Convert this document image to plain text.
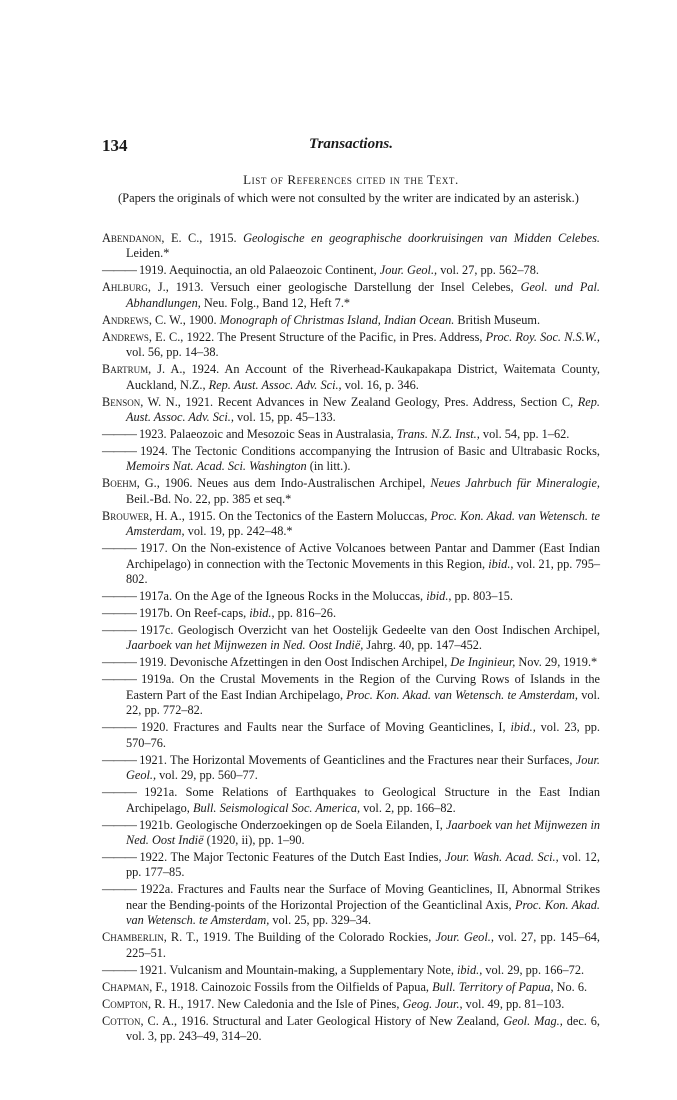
134	Transactions.
List of References cited in the Text.
(Papers the originals of which were not consulted by the writer are indicated by an asterisk.)

Abendanon, E. C., 1915. Geologische en geographische doorkruisingen van Midden Celebes. Leiden.*

——— 1919. Aequinoctia, an old Palaeozoic Continent, Jour. Geol., vol. 27, pp. 562–78.

Ahlburg, J., 1913. Versuch einer geologische Darstellung der Insel Celebes, Geol. und Pal. Abhandlungen, Neu. Folg., Band 12, Heft 7.*

Andrews, C. W., 1900. Monograph of Christmas Island, Indian Ocean. British Museum.

Andrews, E. C., 1922. The Present Structure of the Pacific, in Pres. Address, Proc. Roy. Soc. N.S.W., vol. 56, pp. 14–38.

Bartrum, J. A., 1924. An Account of the Riverhead-Kaukapakapa District, Waitemata County, Auckland, N.Z., Rep. Aust. Assoc. Adv. Sci., vol. 16, p. 346.

Benson, W. N., 1921. Recent Advances in New Zealand Geology, Pres. Address, Section C, Rep. Aust. Assoc. Adv. Sci., vol. 15, pp. 45–133.

——— 1923. Palaeozoic and Mesozoic Seas in Australasia, Trans. N.Z. Inst., vol. 54, pp. 1–62.

——— 1924. The Tectonic Conditions accompanying the Intrusion of Basic and Ultrabasic Rocks, Memoirs Nat. Acad. Sci. Washington (in litt.).

Boehm, G., 1906. Neues aus dem Indo-Australischen Archipel, Neues Jahrbuch für Mineralogie, Beil.-Bd. No. 22, pp. 385 et seq.*

Brouwer, H. A., 1915. On the Tectonics of the Eastern Moluccas, Proc. Kon. Akad. van Wetensch. te Amsterdam, vol. 19, pp. 242–48.*

——— 1917. On the Non-existence of Active Volcanoes between Pantar and Dammer (East Indian Archipelago) in connection with the Tectonic Movements in this Region, ibid., vol. 21, pp. 795–802.

——— 1917a. On the Age of the Igneous Rocks in the Moluccas, ibid., pp. 803–15.

——— 1917b. On Reef-caps, ibid., pp. 816–26.

——— 1917c. Geologisch Overzicht van het Oostelijk Gedeelte van den Oost Indischen Archipel, Jaarboek van het Mijnwezen in Ned. Oost Indië, Jahrg. 40, pp. 147–452.

——— 1919. Devonische Afzettingen in den Oost Indischen Archipel, De Inginieur, Nov. 29, 1919.*

——— 1919a. On the Crustal Movements in the Region of the Curving Rows of Islands in the Eastern Part of the East Indian Archipelago, Proc. Kon. Akad. van Wetensch. te Amsterdam, vol. 22, pp. 772–82.

——— 1920. Fractures and Faults near the Surface of Moving Geanticlines, I, ibid., vol. 23, pp. 570–76.

——— 1921. The Horizontal Movements of Geanticlines and the Fractures near their Surfaces, Jour. Geol., vol. 29, pp. 560–77.

——— 1921a. Some Relations of Earthquakes to Geological Structure in the East Indian Archipelago, Bull. Seismological Soc. America, vol. 2, pp. 166–82.

——— 1921b. Geologische Onderzoekingen op de Soela Eilanden, I, Jaarboek van het Mijnwezen in Ned. Oost Indië (1920, ii), pp. 1–90.

——— 1922. The Major Tectonic Features of the Dutch East Indies, Jour. Wash. Acad. Sci., vol. 12, pp. 177–85.

——— 1922a. Fractures and Faults near the Surface of Moving Geanticlines, II, Abnormal Strikes near the Bending-points of the Horizontal Projection of the Geanticlinal Axis, Proc. Kon. Akad. van Wetensch. te Amsterdam, vol. 25, pp. 329–34.

Chamberlin, R. T., 1919. The Building of the Colorado Rockies, Jour. Geol., vol. 27, pp. 145–64, 225–51.

——— 1921. Vulcanism and Mountain-making, a Supplementary Note, ibid., vol. 29, pp. 166–72.

Chapman, F., 1918. Cainozoic Fossils from the Oilfields of Papua, Bull. Territory of Papua, No. 6.

Compton, R. H., 1917. New Caledonia and the Isle of Pines, Geog. Jour., vol. 49, pp. 81–103.

Cotton, C. A., 1916. Structural and Later Geological History of New Zealand, Geol. Mag., dec. 6, vol. 3, pp. 243–49, 314–20.
